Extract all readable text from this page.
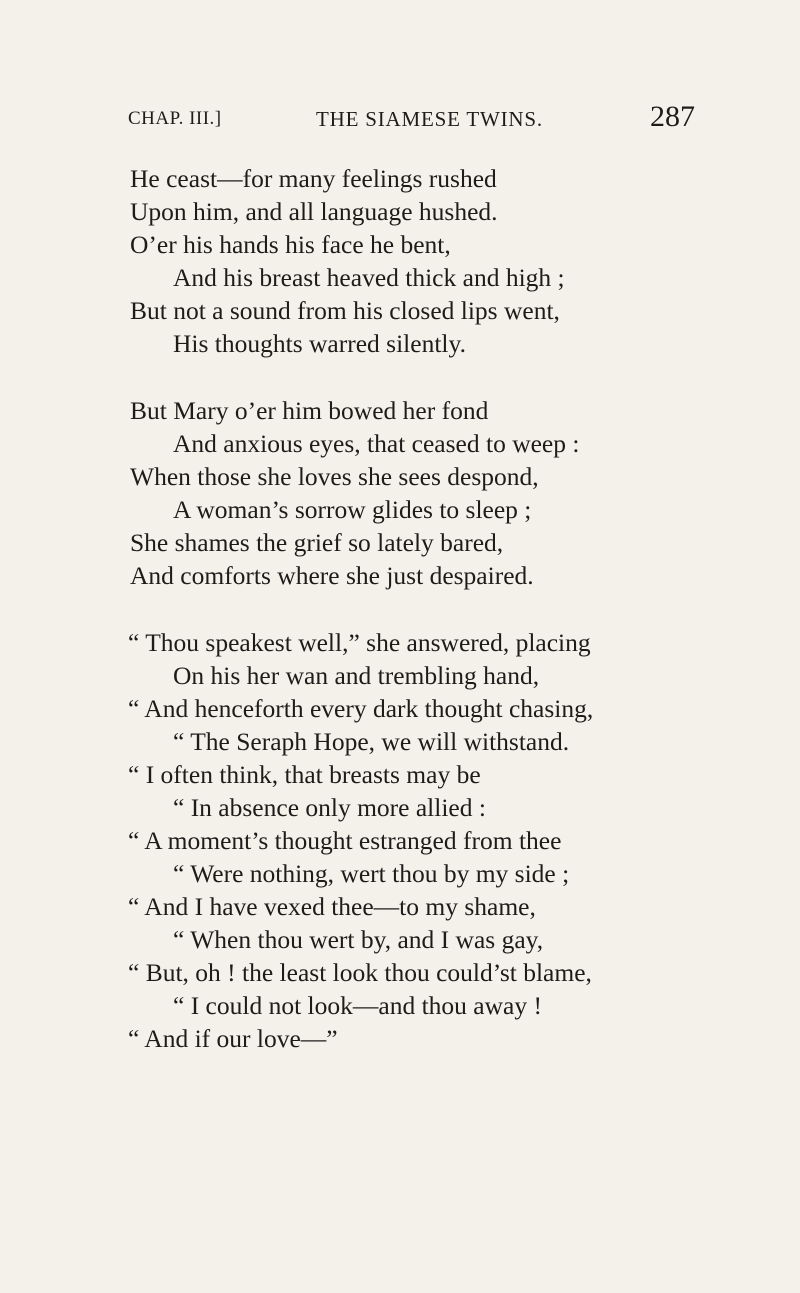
CHAP. III.]	THE SIAMESE TWINS.	287
He ceast—for many feelings rushed
Upon him, and all language hushed.
O’er his hands his face he bent,
And his breast heaved thick and high ;
But not a sound from his closed lips went,
His thoughts warred silently.
But Mary o’er him bowed her fond
And anxious eyes, that ceased to weep :
When those she loves she sees despond,
A woman’s sorrow glides to sleep ;
She shames the grief so lately bared,
And comforts where she just despaired.
“ Thou speakest well,” she answered, placing
On his her wan and trembling hand,
“ And henceforth every dark thought chasing,
“ The Seraph Hope, we will withstand.
“ I often think, that breasts may be
“ In absence only more allied :
“ A moment’s thought estranged from thee
“ Were nothing, wert thou by my side ;
“ And I have vexed thee—to my shame,
“ When thou wert by, and I was gay,
“ But, oh ! the least look thou could’st blame,
“ I could not look—and thou away !
“ And if our love—”
